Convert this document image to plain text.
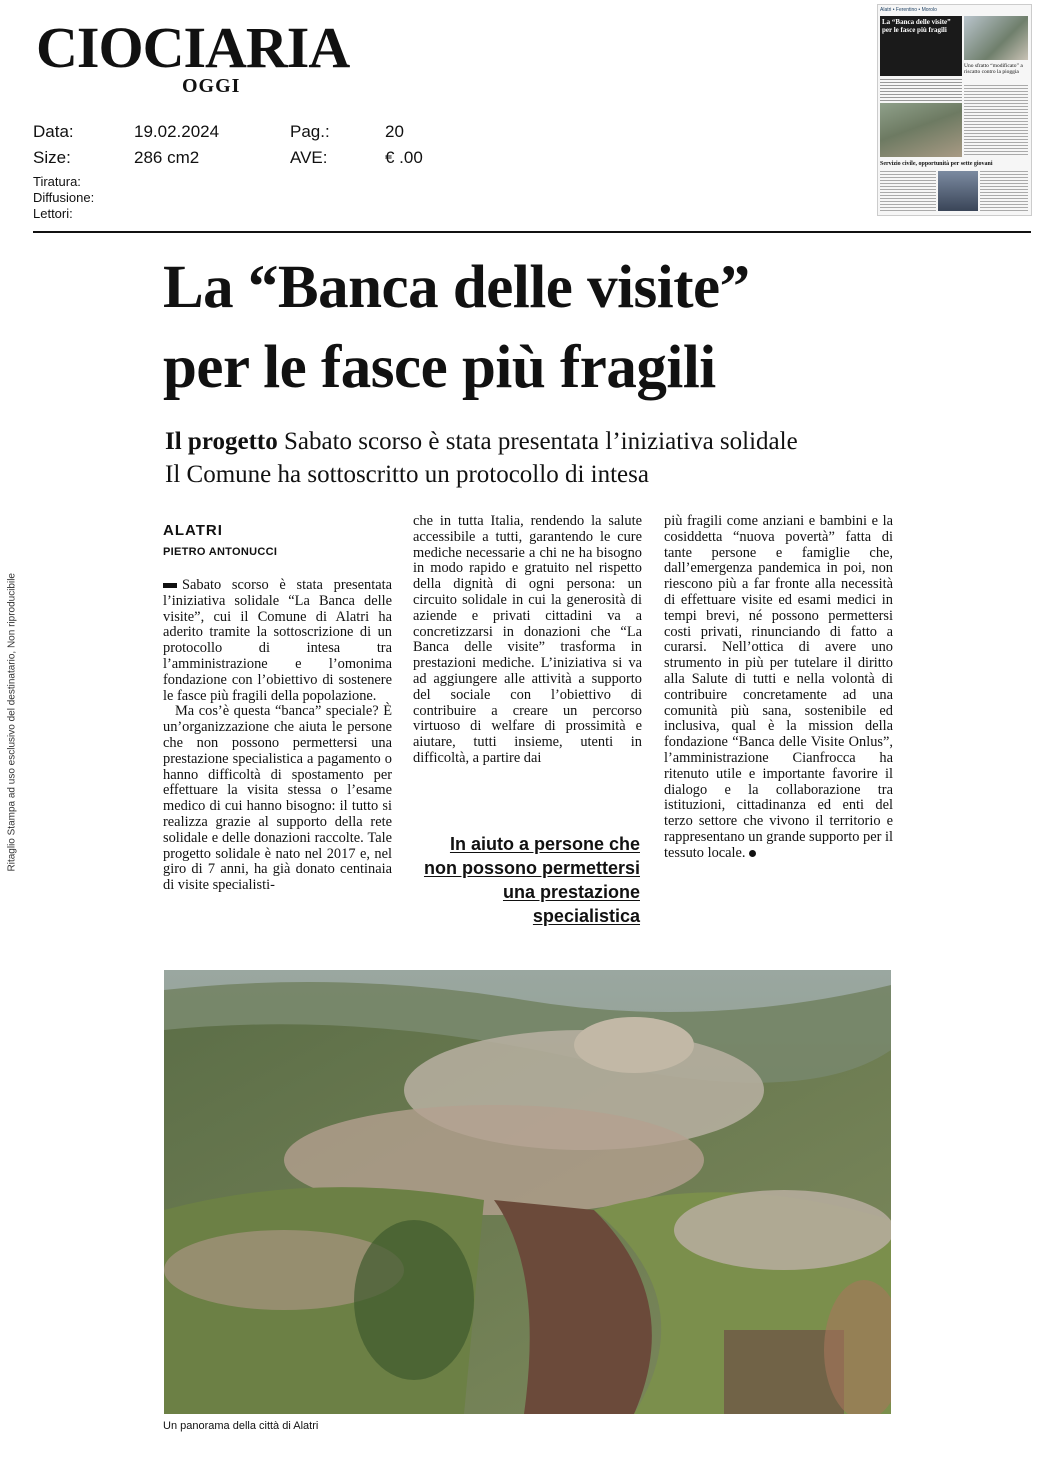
CIOCIARIA
OGGI
Data:	19.02.2024	Pag.:	20
Size:	286 cm2	AVE:	€ .00
Tiratura:
Diffusione:
Lettori:
Alatri • Ferentino • Morolo
La “Banca delle visite” per le fasce più fragili
Uno sfratto “modificato” a riscatto contro la pioggia
Servizio civile, opportunità per sette giovani
Ritaglio Stampa ad uso esclusivo del destinatario, Non riproducibile
La “Banca delle visite”
per le fasce più fragili
Il progetto Sabato scorso è stata presentata l’iniziativa solidale
Il Comune ha sottoscritto un protocollo di intesa
ALATRI
PIETRO ANTONUCCI

Sabato scorso è stata presentata l’iniziativa solidale “La Banca delle visite”, cui il Comune di Alatri ha aderito tramite la sottoscrizione di un protocollo di intesa tra l’amministrazione e l’omonima fondazione con l’obiettivo di sostenere le fasce più fragili della popolazione.

Ma cos’è questa “banca” speciale? È un’organizzazione che aiuta le persone che non possono permettersi una prestazione specialistica a pagamento o hanno difficoltà di spostamento per effettuare la visita stessa o l’esame medico di cui hanno bisogno: il tutto si realizza grazie al supporto della rete solidale e delle donazioni raccolte. Tale progetto solidale è nato nel 2017 e, nel giro di 7 anni, ha già donato centinaia di visite specialisti-

che in tutta Italia, rendendo la salute accessibile a tutti, garantendo le cure mediche necessarie a chi ne ha bisogno in modo rapido e gratuito nel rispetto della dignità di ogni persona: un circuito solidale in cui la generosità di aziende e privati cittadini va a concretizzarsi in donazioni che “La Banca delle visite” trasforma in prestazioni mediche. L’iniziativa si va ad aggiungere alle attività a supporto del sociale con l’obiettivo di contribuire a creare un percorso virtuoso di welfare di prossimità e aiutare, tutti insieme, utenti in difficoltà, a partire dai

In aiuto a persone che non possono permettersi una prestazione specialistica

più fragili come anziani e bambini e la cosiddetta “nuova povertà” fatta di tante persone e famiglie che, dall’emergenza pandemica in poi, non riescono più a far fronte alla necessità di effettuare visite ed esami medici in tempi brevi, né possono permettersi costi privati, rinunciando di fatto a curarsi. Nell’ottica di avere uno strumento in più per tutelare il diritto alla Salute di tutti e nella volontà di contribuire concretamente ad una comunità più sana, sostenibile ed inclusiva, qual è la mission della fondazione “Banca delle Visite Onlus”, l’amministrazione Cianfrocca ha ritenuto utile e importante favorire il dialogo e la collaborazione tra istituzioni, cittadinanza ed enti del terzo settore che vivono il territorio e rappresentano un grande supporto per il tessuto locale.

Un panorama della città di Alatri
